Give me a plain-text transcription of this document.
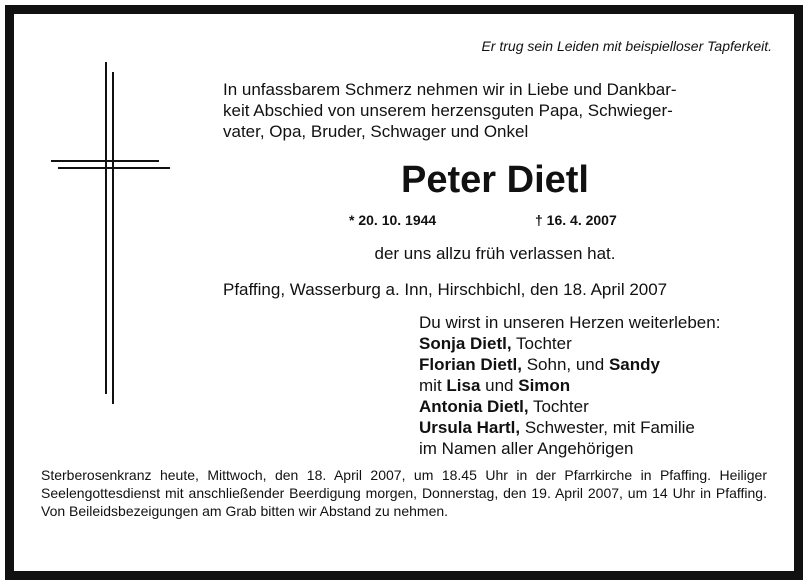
Er trug sein Leiden mit beispielloser Tapferkeit.
In unfassbarem Schmerz nehmen wir in Liebe und Dankbar-
keit Abschied von unserem herzensguten Papa, Schwieger-
vater, Opa, Bruder, Schwager und Onkel
Peter Dietl
* 20. 10. 1944	† 16. 4. 2007
der uns allzu früh verlassen hat.
Pfaffing, Wasserburg a. Inn, Hirschbichl, den 18. April 2007
Du wirst in unseren Herzen weiterleben:
Sonja Dietl, Tochter
Florian Dietl, Sohn, und Sandy
mit Lisa und Simon
Antonia Dietl, Tochter
Ursula Hartl, Schwester, mit Familie
im Namen aller Angehörigen
Sterberosenkranz heute, Mittwoch, den 18. April 2007, um 18.45 Uhr in der Pfarrkirche in Pfaffing. Heiliger Seelengottesdienst mit anschließender Beerdigung morgen, Donnerstag, den 19. April 2007, um 14 Uhr in Pfaffing. Von Beileidsbezeigungen am Grab bitten wir Abstand zu nehmen.
